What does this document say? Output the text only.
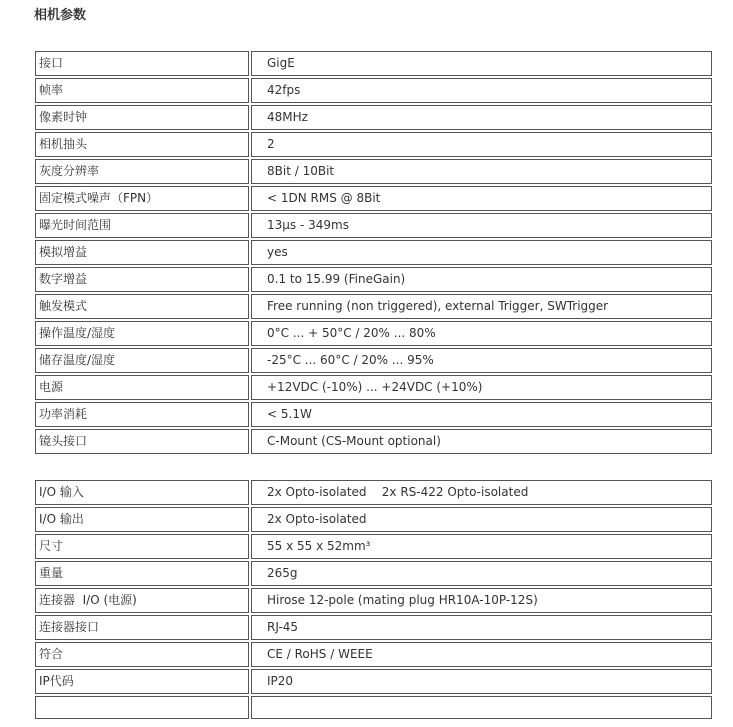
相机参数
接口	GigE
帧率	42fps
像素时钟	48MHz
相机抽头	2
灰度分辨率	8Bit / 10Bit
固定模式噪声（FPN）	< 1DN RMS @ 8Bit
曝光时间范围	13μs - 349ms
模拟增益	yes
数字增益	0.1 to 15.99 (FineGain)
触发模式	Free running (non triggered), external Trigger, SWTrigger
操作温度/湿度	0°C ... + 50°C / 20% ... 80%
储存温度/湿度	-25°C ... 60°C / 20% ... 95%
电源	+12VDC (-10%) ... +24VDC (+10%)
功率消耗	< 5.1W
镜头接口	C-Mount (CS-Mount optional)
I/O 输入	2x Opto-isolated    2x RS-422 Opto-isolated
I/O 输出	2x Opto-isolated
尺寸	55 x 55 x 52mm³
重量	265g
连接器  I/O (电源)	Hirose 12-pole (mating plug HR10A-10P-12S)
连接器接口	RJ-45
符合	CE / RoHS / WEEE
IP代码	IP20
